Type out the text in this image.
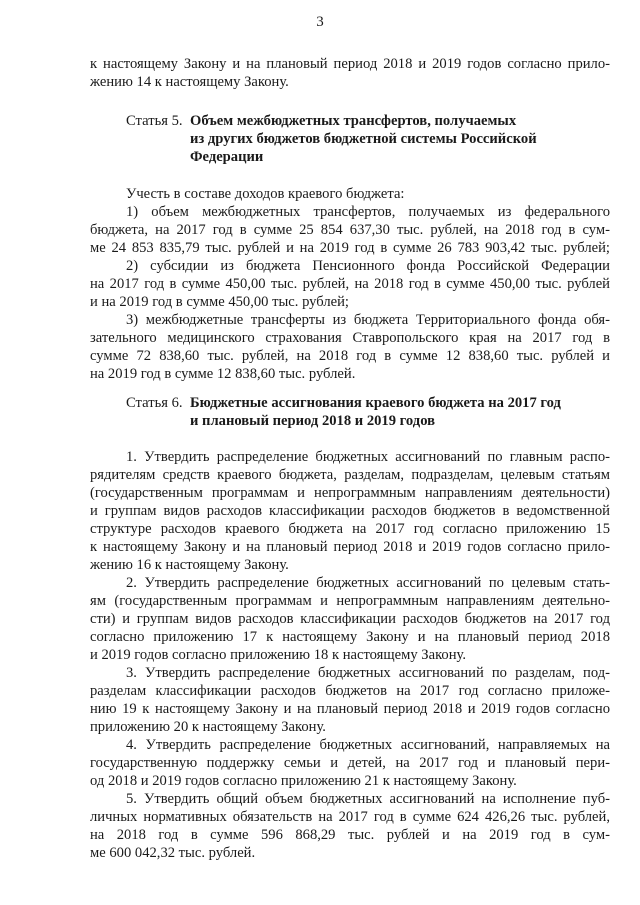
3
к настоящему Закону и на плановый период 2018 и 2019 годов согласно прило-
жению 14 к настоящему Закону.
Статья 5. Объем межбюджетных трансфертов, получаемых
из других бюджетов бюджетной системы Российской
Федерации
Учесть в составе доходов краевого бюджета:
1) объем межбюджетных трансфертов, получаемых из федерального
бюджета, на 2017 год в сумме 25 854 637,30 тыс. рублей, на 2018 год в сум-
ме 24 853 835,79 тыс. рублей и на 2019 год в сумме 26 783 903,42 тыс. рублей;
2) субсидии из бюджета Пенсионного фонда Российской Федерации
на 2017 год в сумме 450,00 тыс. рублей, на 2018 год в сумме 450,00 тыс. рублей
и на 2019 год в сумме 450,00 тыс. рублей;
3) межбюджетные трансферты из бюджета Территориального фонда обя-
зательного медицинского страхования Ставропольского края на 2017 год в
сумме 72 838,60 тыс. рублей, на 2018 год в сумме 12 838,60 тыс. рублей и
на 2019 год в сумме 12 838,60 тыс. рублей.
Статья 6. Бюджетные ассигнования краевого бюджета на 2017 год
и плановый период 2018 и 2019 годов
1. Утвердить распределение бюджетных ассигнований по главным распо-
рядителям средств краевого бюджета, разделам, подразделам, целевым статьям
(государственным программам и непрограммным направлениям деятельности)
и группам видов расходов классификации расходов бюджетов в ведомственной
структуре расходов краевого бюджета на 2017 год согласно приложению 15
к настоящему Закону и на плановый период 2018 и 2019 годов согласно прило-
жению 16 к настоящему Закону.
2. Утвердить распределение бюджетных ассигнований по целевым стать-
ям (государственным программам и непрограммным направлениям деятельно-
сти) и группам видов расходов классификации расходов бюджетов на 2017 год
согласно приложению 17 к настоящему Закону и на плановый период 2018
и 2019 годов согласно приложению 18 к настоящему Закону.
3. Утвердить распределение бюджетных ассигнований по разделам, под-
разделам классификации расходов бюджетов на 2017 год согласно приложе-
нию 19 к настоящему Закону и на плановый период 2018 и 2019 годов согласно
приложению 20 к настоящему Закону.
4. Утвердить распределение бюджетных ассигнований, направляемых на
государственную поддержку семьи и детей, на 2017 год и плановый пери-
од 2018 и 2019 годов согласно приложению 21 к настоящему Закону.
5. Утвердить общий объем бюджетных ассигнований на исполнение пуб-
личных нормативных обязательств на 2017 год в сумме 624 426,26 тыс. рублей,
на 2018 год в сумме 596 868,29 тыс. рублей и на 2019 год в сум-
ме 600 042,32 тыс. рублей.
